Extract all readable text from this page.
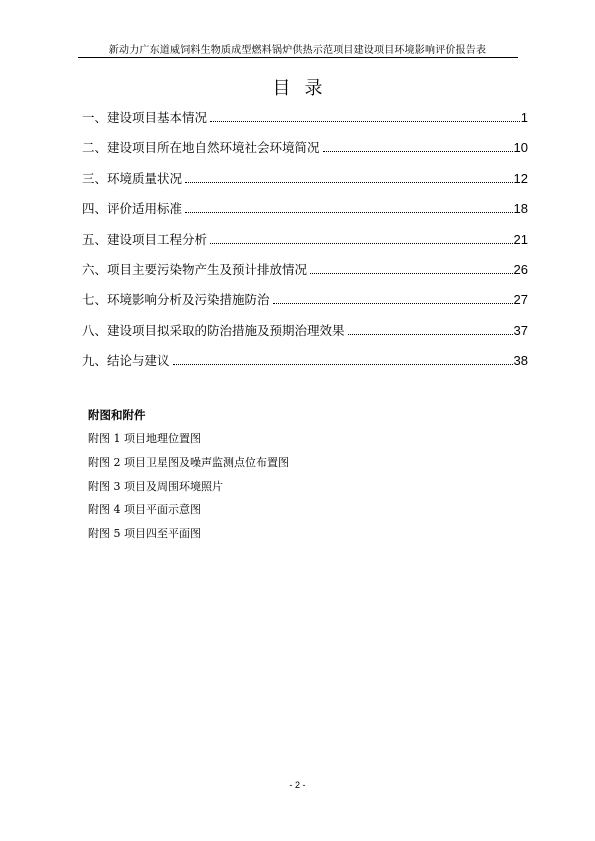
新动力广东道威饲料生物质成型燃料锅炉供热示范项目建设项目环境影响评价报告表
目 录
一、建设项目基本情况	1
二、建设项目所在地自然环境社会环境简况	10
三、环境质量状况	12
四、评价适用标准	18
五、建设项目工程分析	21
六、项目主要污染物产生及预计排放情况	26
七、环境影响分析及污染措施防治	27
八、建设项目拟采取的防治措施及预期治理效果	37
九、结论与建议	38
附图和附件
附图 1 项目地理位置图
附图 2 项目卫星图及噪声监测点位布置图
附图 3 项目及周围环境照片
附图 4 项目平面示意图
附图 5 项目四至平面图
- 2 -
